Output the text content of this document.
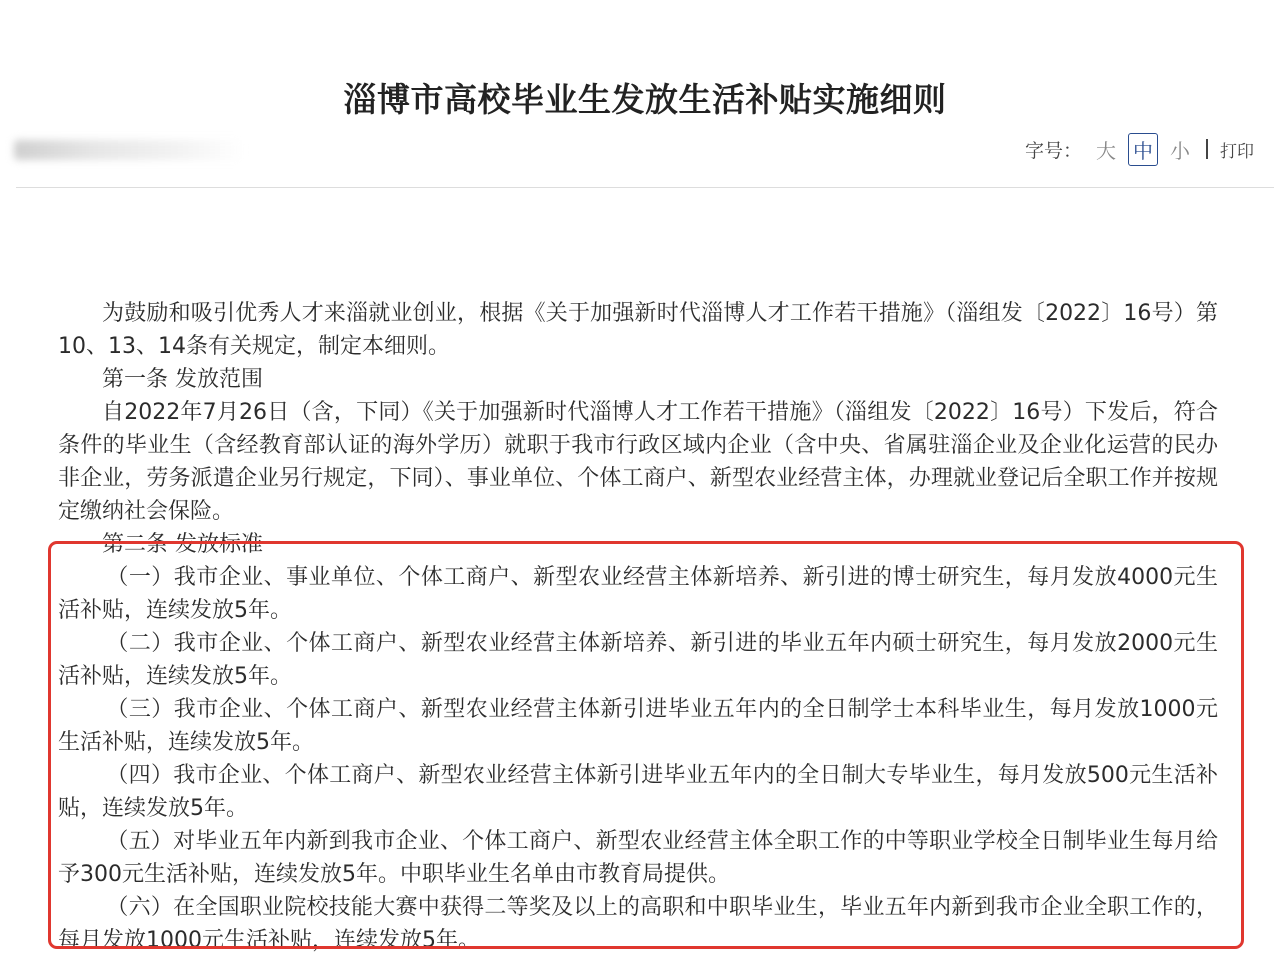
淄博市高校毕业生发放生活补贴实施细则
字号： 大 中 小 打印

为鼓励和吸引优秀人才来淄就业创业，根据《关于加强新时代淄博人才工作若干措施》（淄组发〔2022〕16号）第10、13、14条有关规定，制定本细则。

第一条 发放范围

自2022年7月26日（含，下同）《关于加强新时代淄博人才工作若干措施》（淄组发〔2022〕16号）下发后，符合条件的毕业生（含经教育部认证的海外学历）就职于我市行政区域内企业（含中央、省属驻淄企业及企业化运营的民办非企业，劳务派遣企业另行规定，下同）、事业单位、个体工商户、新型农业经营主体，办理就业登记后全职工作并按规定缴纳社会保险。

第二条 发放标准

（一）我市企业、事业单位、个体工商户、新型农业经营主体新培养、新引进的博士研究生，每月发放4000元生活补贴，连续发放5年。

（二）我市企业、个体工商户、新型农业经营主体新培养、新引进的毕业五年内硕士研究生，每月发放2000元生活补贴，连续发放5年。

（三）我市企业、个体工商户、新型农业经营主体新引进毕业五年内的全日制学士本科毕业生，每月发放1000元生活补贴，连续发放5年。

（四）我市企业、个体工商户、新型农业经营主体新引进毕业五年内的全日制大专毕业生，每月发放500元生活补贴，连续发放5年。

（五）对毕业五年内新到我市企业、个体工商户、新型农业经营主体全职工作的中等职业学校全日制毕业生每月给予300元生活补贴，连续发放5年。中职毕业生名单由市教育局提供。

（六）在全国职业院校技能大赛中获得二等奖及以上的高职和中职毕业生，毕业五年内新到我市企业全职工作的，每月发放1000元生活补贴，连续发放5年。
